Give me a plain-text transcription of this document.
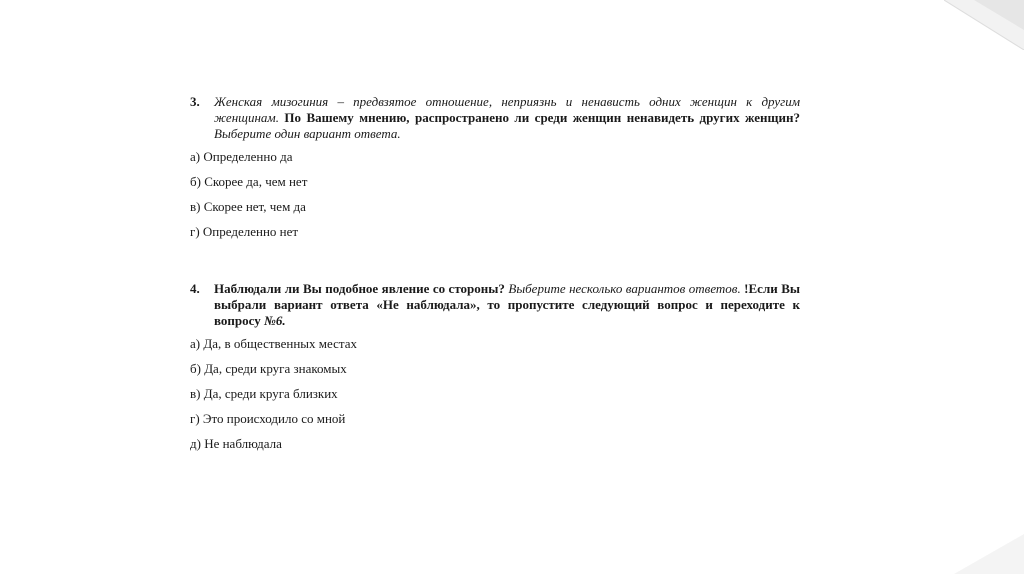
3.	Женская мизогиния – предвзятое отношение, неприязнь и ненависть одних женщин к другим женщинам. По Вашему мнению, распространено ли среди женщин ненавидеть других женщин? Выберите один вариант ответа.
а) Определенно да
б) Скорее да, чем нет
в) Скорее нет, чем да
г) Определенно нет
4.	Наблюдали ли Вы подобное явление со стороны? Выберите несколько вариантов ответов. !Если Вы выбрали вариант ответа «Не наблюдала», то пропустите следующий вопрос и переходите к вопросу №6.
а) Да, в общественных местах
б) Да, среди круга знакомых
в) Да, среди круга близких
г) Это происходило со мной
д) Не наблюдала
